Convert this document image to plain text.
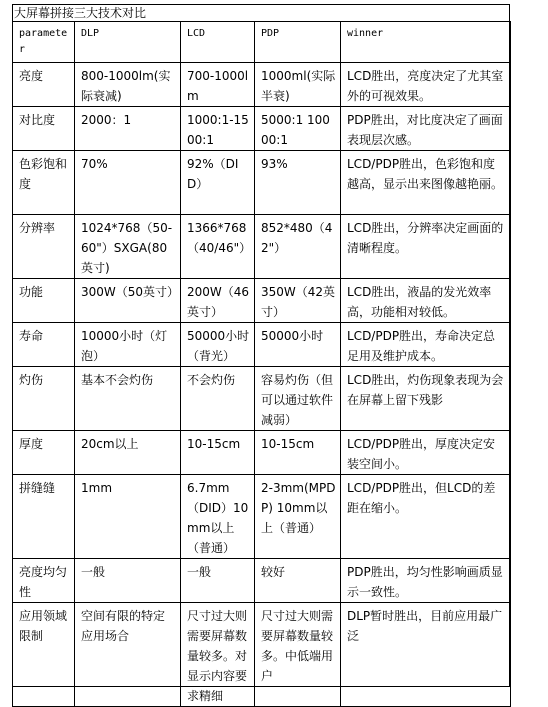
大屏幕拼接三大技术对比
parameter	DLP	LCD	PDP	winner
亮度	800-1000lm(实际衰减)	700-1000lm	1000ml(实际半衰)	LCD胜出，亮度决定了尤其室外的可视效果。
对比度	2000：1	1000:1-1500:1	5000:1 10000:1	PDP胜出，对比度决定了画面表现层次感。
色彩饱和度	70%	92%（DID）	93%	LCD/PDP胜出，色彩饱和度越高，显示出来图像越艳丽。
分辨率	1024*768（50-60"）SXGA(80英寸)	1366*768（40/46"）	852*480（42"）	LCD胜出，分辨率决定画面的清晰程度。
功能	300W（50英寸）	200W（46英寸）	350W（42英寸）	LCD胜出，液晶的发光效率高，功能相对较低。
寿命	10000小时（灯泡）	50000小时（背光）	50000小时	LCD/PDP胜出，寿命决定总足用及维护成本。
灼伤	基本不会灼伤	不会灼伤	容易灼伤（但可以通过软件减弱）	LCD胜出，灼伤现象表现为会在屏幕上留下残影
厚度	20cm以上	10-15cm	10-15cm	LCD/PDP胜出，厚度决定安装空间小。
拼缝缝	1mm	6.7mm（DID）10mm以上（普通）	2-3mm(MPDP) 10mm以上（普通）	LCD/PDP胜出，但LCD的差距在缩小。
亮度均匀性	一般	一般	较好	PDP胜出，均匀性影响画质显示一致性。
应用领域限制	空间有限的特定应用场合	尺寸过大则需要屏幕数量较多。对显示内容要求精细	尺寸过大则需要屏幕数量较多。中低端用户	DLP暂时胜出，目前应用最广泛
